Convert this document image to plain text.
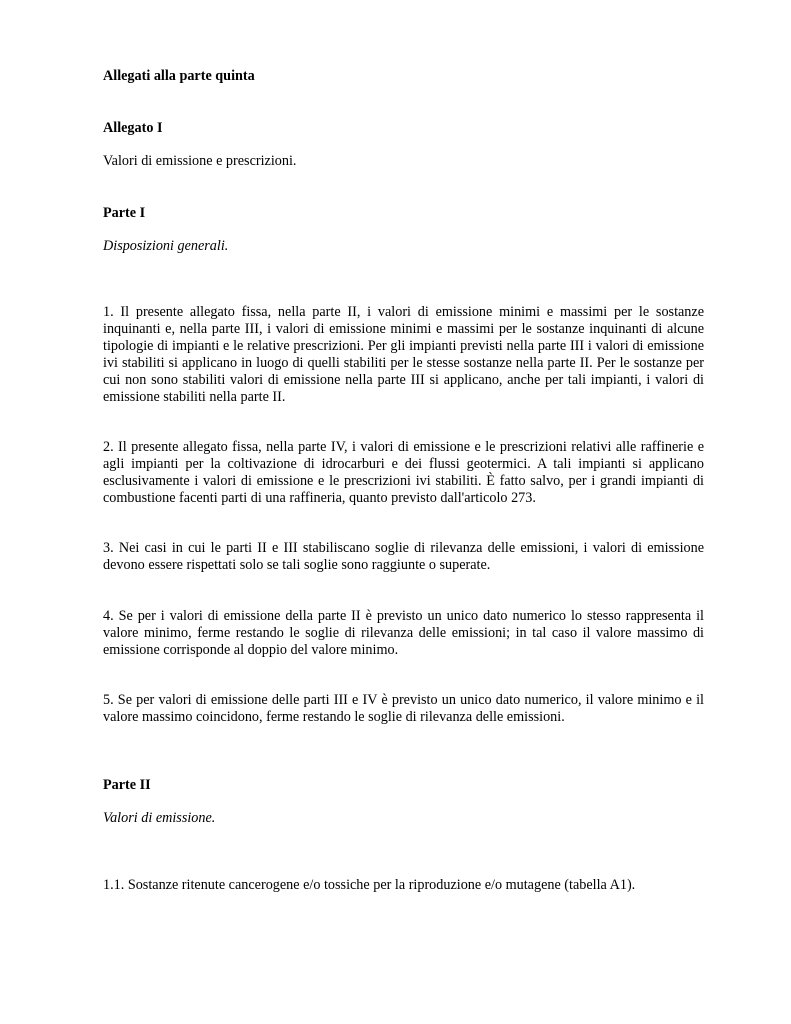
Allegati alla parte quinta

Allegato I

Valori di emissione e prescrizioni.

Parte I

Disposizioni generali.

1. Il presente allegato fissa, nella parte II, i valori di emissione minimi e massimi per le sostanze inquinanti e, nella parte III, i valori di emissione minimi e massimi per le sostanze inquinanti di alcune tipologie di impianti e le relative prescrizioni. Per gli impianti previsti nella parte III i valori di emissione ivi stabiliti si applicano in luogo di quelli stabiliti per le stesse sostanze nella parte II. Per le sostanze per cui non sono stabiliti valori di emissione nella parte III si applicano, anche per tali impianti, i valori di emissione stabiliti nella parte II.

2. Il presente allegato fissa, nella parte IV, i valori di emissione e le prescrizioni relativi alle raffinerie e agli impianti per la coltivazione di idrocarburi e dei flussi geotermici. A tali impianti si applicano esclusivamente i valori di emissione e le prescrizioni ivi stabiliti. È fatto salvo, per i grandi impianti di combustione facenti parti di una raffineria, quanto previsto dall'articolo 273.

3. Nei casi in cui le parti II e III stabiliscano soglie di rilevanza delle emissioni, i valori di emissione devono essere rispettati solo se tali soglie sono raggiunte o superate.

4. Se per i valori di emissione della parte II è previsto un unico dato numerico lo stesso rappresenta il valore minimo, ferme restando le soglie di rilevanza delle emissioni; in tal caso il valore massimo di emissione corrisponde al doppio del valore minimo.

5. Se per valori di emissione delle parti III e IV è previsto un unico dato numerico, il valore minimo e il valore massimo coincidono, ferme restando le soglie di rilevanza delle emissioni.

Parte II

Valori di emissione.

1.1. Sostanze ritenute cancerogene e/o tossiche per la riproduzione e/o mutagene (tabella A1).
